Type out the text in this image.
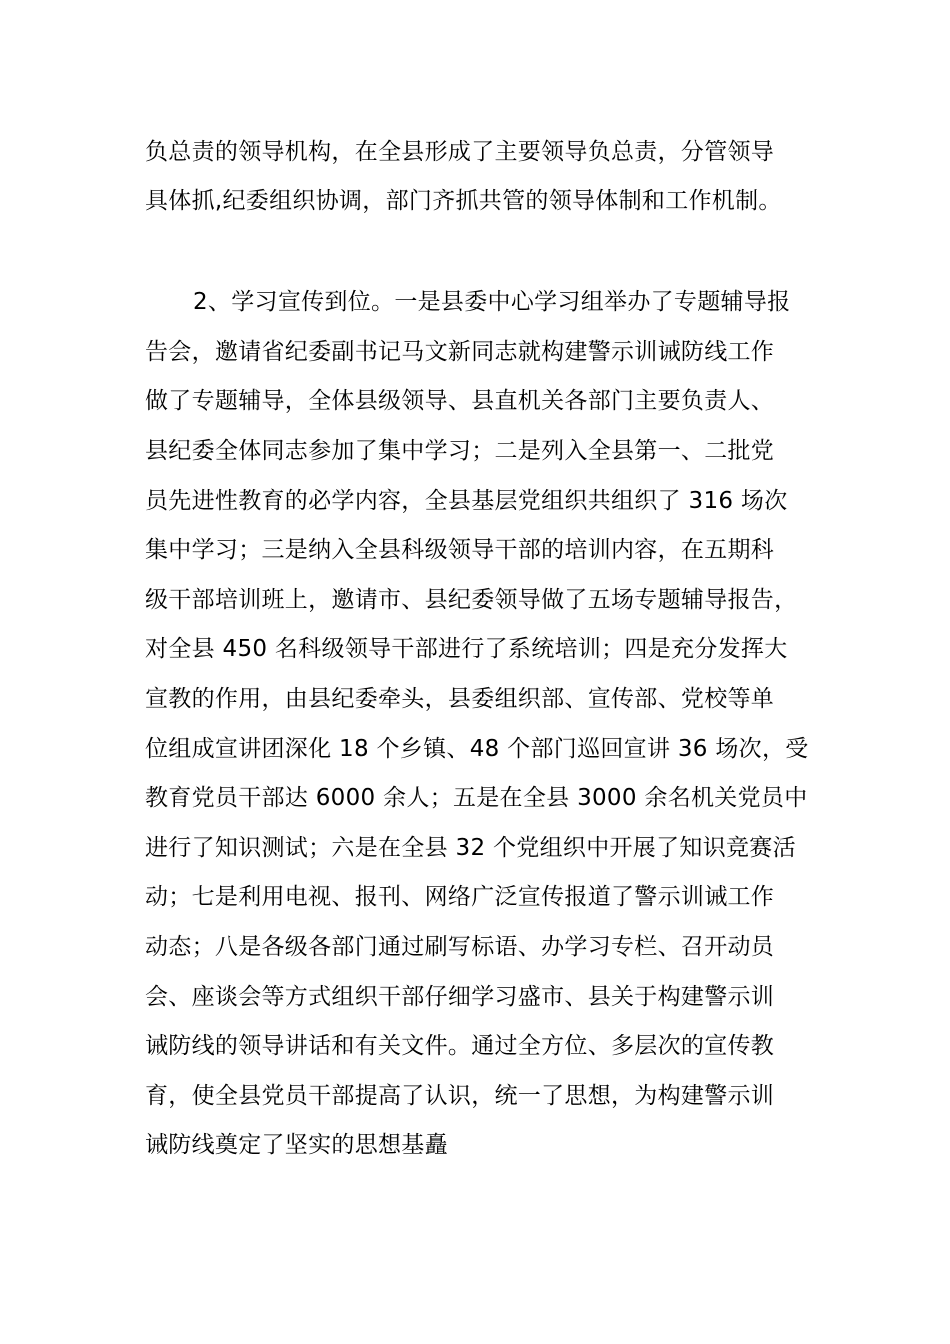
负总责的领导机构，在全县形成了主要领导负总责，分管领导
具体抓,纪委组织协调，部门齐抓共管的领导体制和工作机制。
2、学习宣传到位。一是县委中心学习组举办了专题辅导报
告会，邀请省纪委副书记马文新同志就构建警示训诫防线工作
做了专题辅导，全体县级领导、县直机关各部门主要负责人、
县纪委全体同志参加了集中学习；二是列入全县第一、二批党
员先进性教育的必学内容，全县基层党组织共组织了 316 场次
集中学习；三是纳入全县科级领导干部的培训内容，在五期科
级干部培训班上，邀请市、县纪委领导做了五场专题辅导报告，
对全县 450 名科级领导干部进行了系统培训；四是充分发挥大
宣教的作用，由县纪委牵头，县委组织部、宣传部、党校等单
位组成宣讲团深化 18 个乡镇、48 个部门巡回宣讲 36 场次，受
教育党员干部达 6000 余人；五是在全县 3000 余名机关党员中
进行了知识测试；六是在全县 32 个党组织中开展了知识竞赛活
动；七是利用电视、报刊、网络广泛宣传报道了警示训诫工作
动态；八是各级各部门通过刷写标语、办学习专栏、召开动员
会、座谈会等方式组织干部仔细学习盛市、县关于构建警示训
诫防线的领导讲话和有关文件。通过全方位、多层次的宣传教
育，使全县党员干部提高了认识，统一了思想，为构建警示训
诫防线奠定了坚实的思想基矗
